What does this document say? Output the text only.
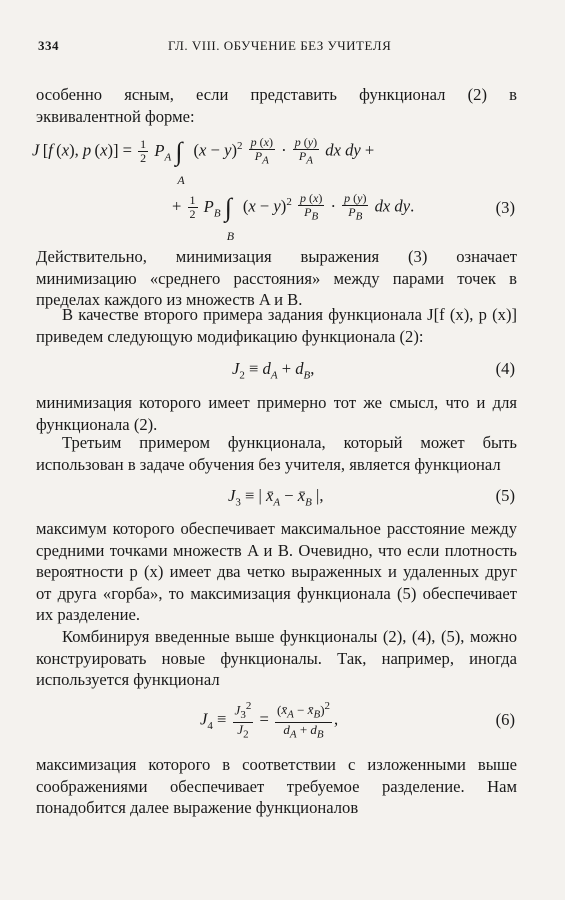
334	ГЛ. VIII. ОБУЧЕНИЕ БЕЗ УЧИТЕЛЯ

особенно ясным, если представить функционал (2) в эквивалентной форме:

J [f (x), p $(x)] = \frac{1}{2} P_A$ ∫
A
$(x - y)^2 \frac{p (x)}{P_A} \cdot \frac{p (y)}{P_A}$ dx dy +
+ $\frac{1}{2} P_B$ ∫
B
$(x - y)^2 \frac{p (x)}{P_B} \cdot \frac{p (y)}{P_B}$ dx dy.	(3)

Действительно, минимизация выражения (3) означает минимизацию «среднего расстояния» между парами точек в пределах каждого из множеств A и B.

В качестве второго примера задания функционала J[f (x), p (x)] приведем следующую модификацию функционала (2):

$J_2 \equiv d_A + d_B$,	(4)

минимизация которого имеет примерно тот же смысл, что и для функционала (2).

Третьим примером функционала, который может быть использован в задаче обучения без учителя, является функционал

$J_3$ ≡ | $x̄_A$ − $x̄_B$ |,	(5)

максимум которого обеспечивает максимальное расстояние между средними точками множеств A и B. Очевидно, что если плотность вероятности p (x) имеет два четко выраженных и удаленных друг от друга «горба», то максимизация функционала (5) обеспечивает их разделение.

Комбинируя введенные выше функционалы (2), (4), (5), можно конструировать новые функционалы. Так, например, иногда используется функционал

$J_4 \equiv \frac{J_3^2}{J_2} = \frac{(x̄_A - x̄_B)^2}{d_A + d_B}$ ,	(6)

максимизация которого в соответствии с изложенными выше соображениями обеспечивает требуемое разделение. Нам понадобится далее выражение функционалов
